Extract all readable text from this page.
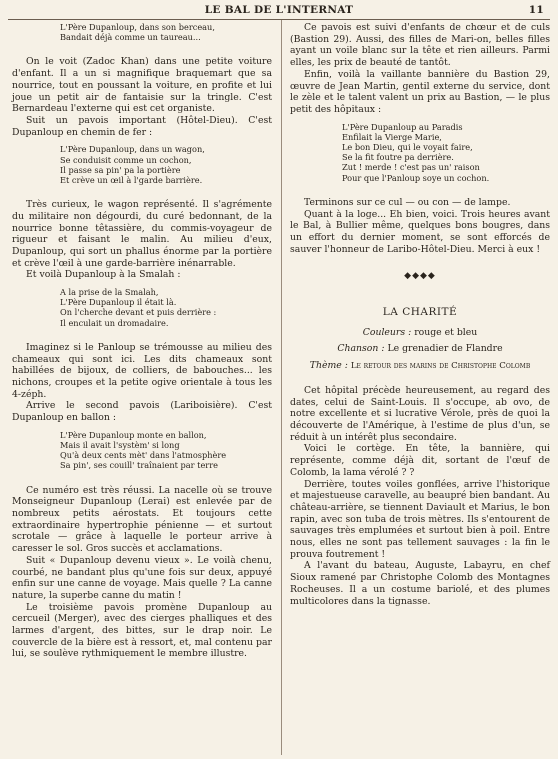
LE BAL DE L'INTERNAT	11
L'Père Dupanloup, dans son berceau,
Bandait déjà comme un taureau...

On le voit (Zadoc Khan) dans une petite voiture d'enfant. Il a un si magnifique braquemart que sa nourrice, tout en poussant la voiture, en profite et lui joue un petit air de fantaisie sur la tringle. C'est Bernardeau l'externe qui est cet organiste.

Suit un pavois important (Hôtel-Dieu). C'est Dupanloup en chemin de fer :

L'Père Dupanloup, dans un wagon,
Se conduisit comme un cochon,
Il passe sa pin' pa la portière
Et crève un œil à l'garde barrière.

Très curieux, le wagon représenté. Il s'agrémente du militaire non dégourdi, du curé bedonnant, de la nourrice bonne têtassière, du commis-voyageur de rigueur et faisant le malin. Au milieu d'eux, Dupanloup, qui sort un phallus énorme par la portière et crève l'œil à une garde-barrière inénarrable.

Et voilà Dupanloup à la Smalah :

A la prise de la Smalah,
L'Père Dupanloup il était là.
On l'cherche devant et puis derrière :
Il enculait un dromadaire.

Imaginez si le Panloup se trémousse au milieu des chameaux qui sont ici. Les dits chameaux sont habillées de bijoux, de colliers, de babouches... les nichons, croupes et la petite ogive orientale à tous les 4-zéph.

Arrive le second pavois (Lariboisière). C'est Dupanloup en ballon :

L'Père Dupanloup monte en ballon,
Mais il avait l'systèm' si long
Qu'à deux cents mèt' dans l'atmosphère
Sa pin', ses couill' traînaient par terre

Ce numéro est très réussi. La nacelle où se trouve Monseigneur Dupanloup (Lerai) est enlevée par de nombreux petits aérostats. Et toujours cette extraordinaire hypertrophie pénienne — et surtout scrotale — grâce à laquelle le porteur arrive à caresser le sol. Gros succès et acclamations.

Suit « Dupanloup devenu vieux ». Le voilà chenu, courbé, ne bandant plus qu'une fois sur deux, appuyé enfin sur une canne de voyage. Mais quelle ? La canne nature, la superbe canne du matin !

Le troisième pavois promène Dupanloup au cercueil (Merger), avec des cierges phalliques et des larmes d'argent, des bittes, sur le drap noir. Le couvercle de la bière est à ressort, et, mal contenu par lui, se soulève rythmiquement le membre illustre.

Ce pavois est suivi d'enfants de chœur et de culs (Bastion 29). Aussi, des filles de Mari-on, belles filles ayant un voile blanc sur la tête et rien ailleurs. Parmi elles, les prix de beauté de tantôt.

Enfin, voilà la vaillante bannière du Bastion 29, œuvre de Jean Martin, gentil externe du service, dont le zèle et le talent valent un prix au Bastion, — le plus petit des hôpitaux :

L'Père Dupanloup au Paradis
Enfilait la Vierge Marie,
Le bon Dieu, qui le voyait faire,
Se la fit foutre pa derrière.
Zut ! merde ! c'est pas un' raison
Pour que l'Panloup soye un cochon.

Terminons sur ce cul — ou con — de lampe.

Quant à la loge... Eh bien, voici. Trois heures avant le Bal, à Bullier même, quelques bons bougres, dans un effort du dernier moment, se sont efforcés de sauver l'honneur de Laribo-Hôtel-Dieu. Merci à eux !

◆◆◆◆
LA CHARITÉ
Couleurs : rouge et bleu
Chanson : Le grenadier de Flandre
Thème : Le retour des marins de Christophe Colomb

Cet hôpital précède heureusement, au regard des dates, celui de Saint-Louis. Il s'occupe, ab ovo, de notre excellente et si lucrative Vérole, près de quoi la découverte de l'Amérique, à l'estime de plus d'un, se réduit à un intérêt plus secondaire.

Voici le cortège. En tête, la bannière, qui représente, comme déjà dit, sortant de l'œuf de Colomb, la lama vérolé ? ?

Derrière, toutes voiles gonflées, arrive l'historique et majestueuse caravelle, au beaupré bien bandant. Au château-arrière, se tiennent Daviault et Marius, le bon rapin, avec son tuba de trois mètres. Ils s'entourent de sauvages très emplumées et surtout bien à poil. Entre nous, elles ne sont pas tellement sauvages : la fin le prouva foutrement !

A l'avant du bateau, Auguste, Labayru, en chef Sioux ramené par Christophe Colomb des Montagnes Rocheuses. Il a un costume bariolé, et des plumes multicolores dans la tignasse.
